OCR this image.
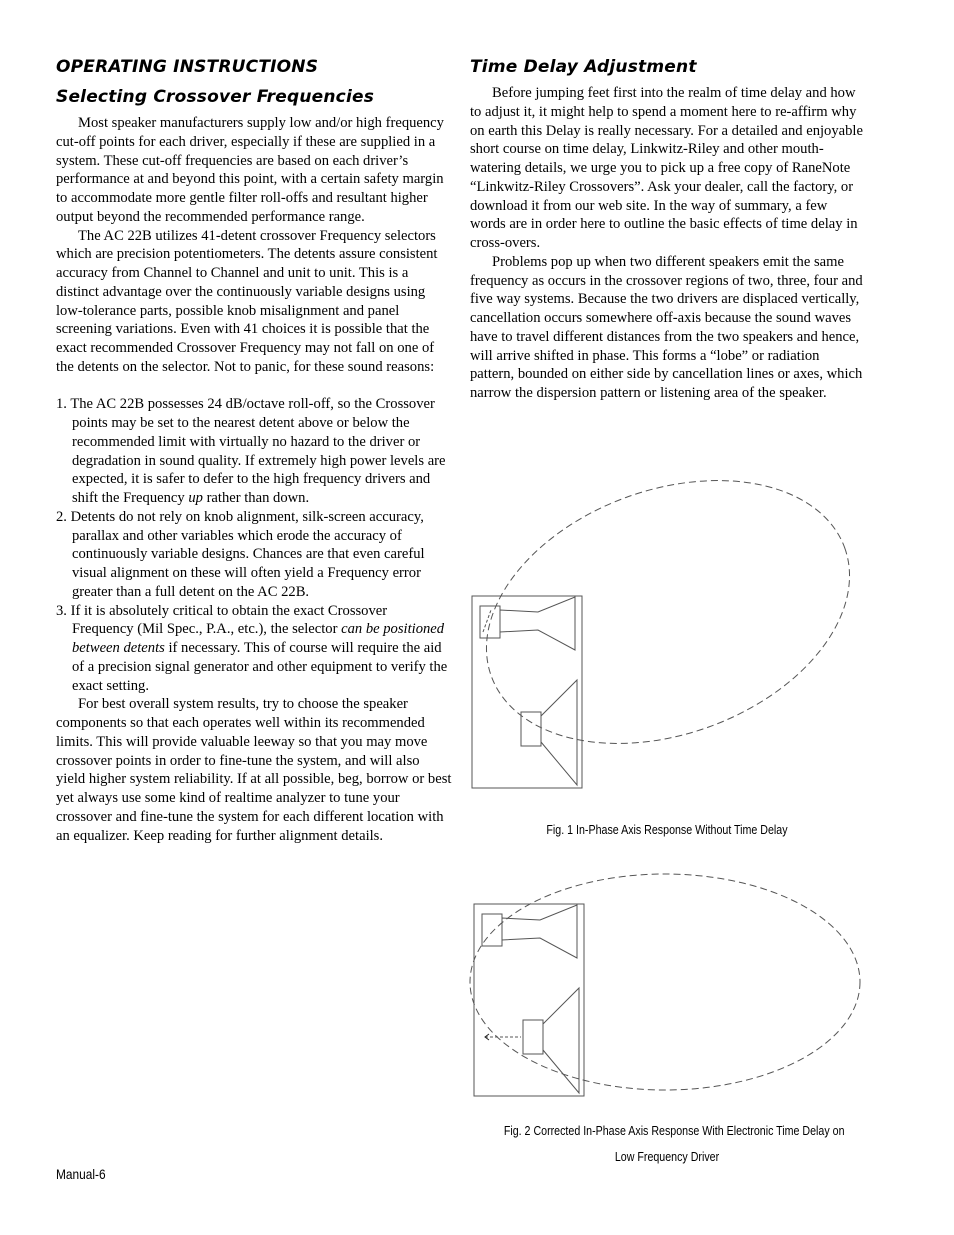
OPERATING INSTRUCTIONS
Selecting Crossover Frequencies

Most speaker manufacturers supply low and/or high frequency cut-off points for each driver, especially if these are supplied in a system. These cut-off frequencies are based on each driver’s performance at and beyond this point, with a certain safety margin to accommodate more gentle filter roll-offs and resultant higher output beyond the recommended performance range.

The AC 22B utilizes 41-detent crossover Frequency selectors which are precision potentiometers. The detents assure consistent accuracy from Channel to Channel and unit to unit. This is a distinct advantage over the continuously variable designs using low-tolerance parts, possible knob misalignment and panel screening variations. Even with 41 choices it is possible that the exact recommended Crossover Frequency may not fall on one of the detents on the selector. Not to panic, for these sound reasons:

1. The AC 22B possesses 24 dB/octave roll-off, so the Crossover points may be set to the nearest detent above or below the recommended limit with virtually no hazard to the driver or degradation in sound quality. If extremely high power levels are expected, it is safer to defer to the high frequency drivers and shift the Frequency up rather than down.
2. Detents do not rely on knob alignment, silk-screen accuracy, parallax and other variables which erode the accuracy of continuously variable designs. Chances are that even careful visual alignment on these will often yield a Frequency error greater than a full detent on the AC 22B.
3. If it is absolutely critical to obtain the exact Crossover Frequency (Mil Spec., P.A., etc.), the selector can be positioned between detents if necessary. This of course will require the aid of a precision signal generator and other equipment to verify the exact setting.

For best overall system results, try to choose the speaker components so that each operates well within its recommended limits. This will provide valuable leeway so that you may move crossover points in order to fine-tune the system, and will also yield higher system reliability. If at all possible, beg, borrow or best yet always use some kind of realtime analyzer to tune your crossover and fine-tune the system for each different location with an equalizer. Keep reading for further alignment details.

Time Delay Adjustment

Before jumping feet first into the realm of time delay and how to adjust it, it might help to spend a moment here to re-affirm why on earth this Delay is really necessary. For a detailed and enjoyable short course on time delay, Linkwitz-Riley and other mouth-watering details, we urge you to pick up a free copy of RaneNote “Linkwitz-Riley Crossovers”. Ask your dealer, call the factory, or download it from our web site. In the way of summary, a few words are in order here to outline the basic effects of time delay in cross-overs.

Problems pop up when two different speakers emit the same frequency as occurs in the crossover regions of two, three, four and five way systems. Because the two drivers are displaced vertically, cancellation occurs somewhere off-axis because the sound waves have to travel different distances from the two speakers and hence, will arrive shifted in phase. This forms a “lobe” or radiation pattern, bounded on either side by cancellation lines or axes, which narrow the dispersion pattern or listening area of the speaker.

Fig. 1 In-Phase Axis Response Without Time Delay
Fig. 2 Corrected In-Phase Axis Response With Electronic Time Delay on
Low Frequency Driver
Manual-6
